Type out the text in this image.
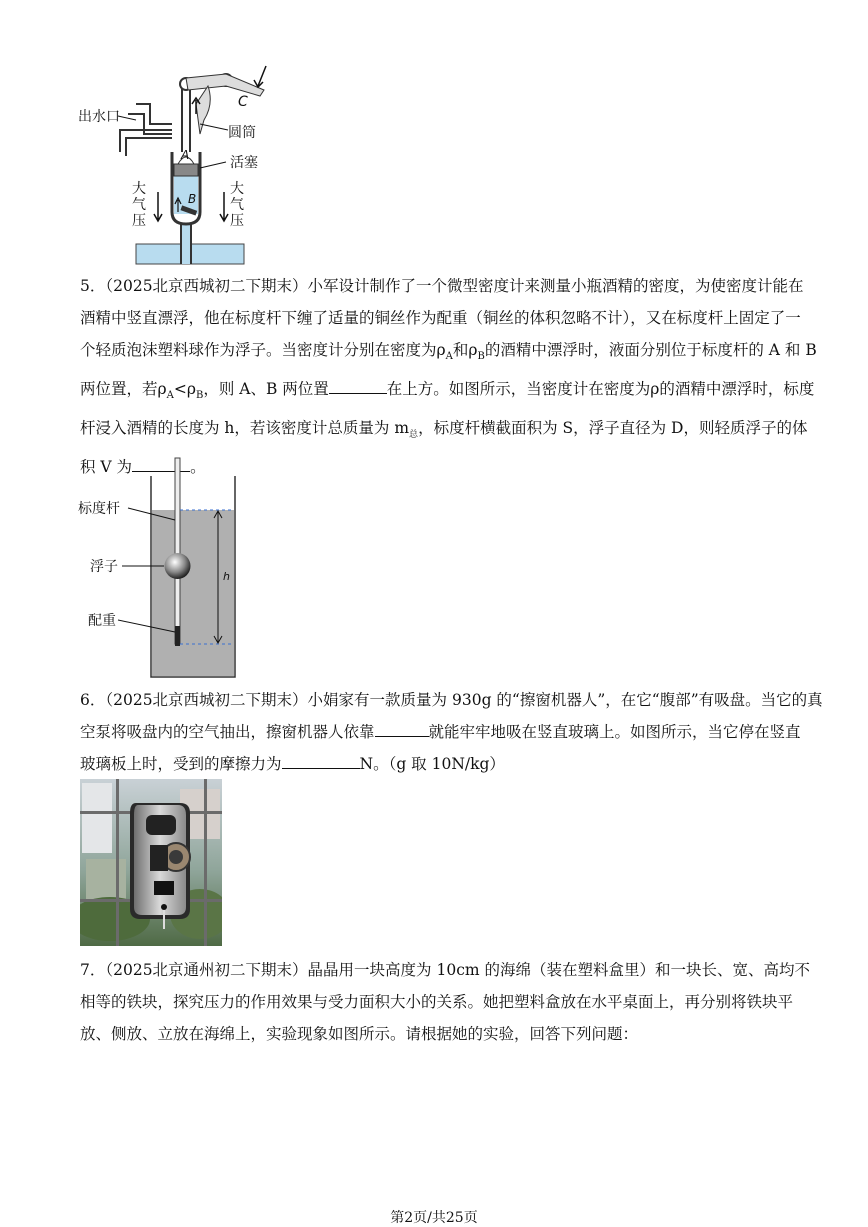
出水口
圆筒
活塞
大
气
压
大
气
压
A
B
C
5．（2025北京西城初二下期末）小军设计制作了一个微型密度计来测量小瓶酒精的密度，为使密度计能在
酒精中竖直漂浮，他在标度杆下缠了适量的铜丝作为配重（铜丝的体积忽略不计），又在标度杆上固定了一
个轻质泡沫塑料球作为浮子。当密度计分别在密度为$\rho_A$和$\rho_B$的酒精中漂浮时，液面分别位于标度杆的 A 和 B
两位置，若$\rho_A<\rho_B$，则 A、B 两位置	在上方。如图所示，当密度计在密度为ρ的酒精中漂浮时，标度
杆浸入酒精的长度为 h，若该密度计总质量为 $m_总$，标度杆横截面积为 S，浮子直径为 D，则轻质浮子的体
积 V 为	。
标度杆
浮子
配重
h
6．（2025北京西城初二下期末）小娟家有一款质量为 930g 的“擦窗机器人”，在它“腹部”有吸盘。当它的真
空泵将吸盘内的空气抽出，擦窗机器人依靠	就能牢牢地吸在竖直玻璃上。如图所示，当它停在竖直
玻璃板上时，受到的摩擦力为	N。（g 取 10N/kg）
7．（2025北京通州初二下期末）晶晶用一块高度为 10cm 的海绵（装在塑料盒里）和一块长、宽、高均不
相等的铁块，探究压力的作用效果与受力面积大小的关系。她把塑料盒放在水平桌面上，再分别将铁块平
放、侧放、立放在海绵上，实验现象如图所示。请根据她的实验，回答下列问题：
第2页/共25页
